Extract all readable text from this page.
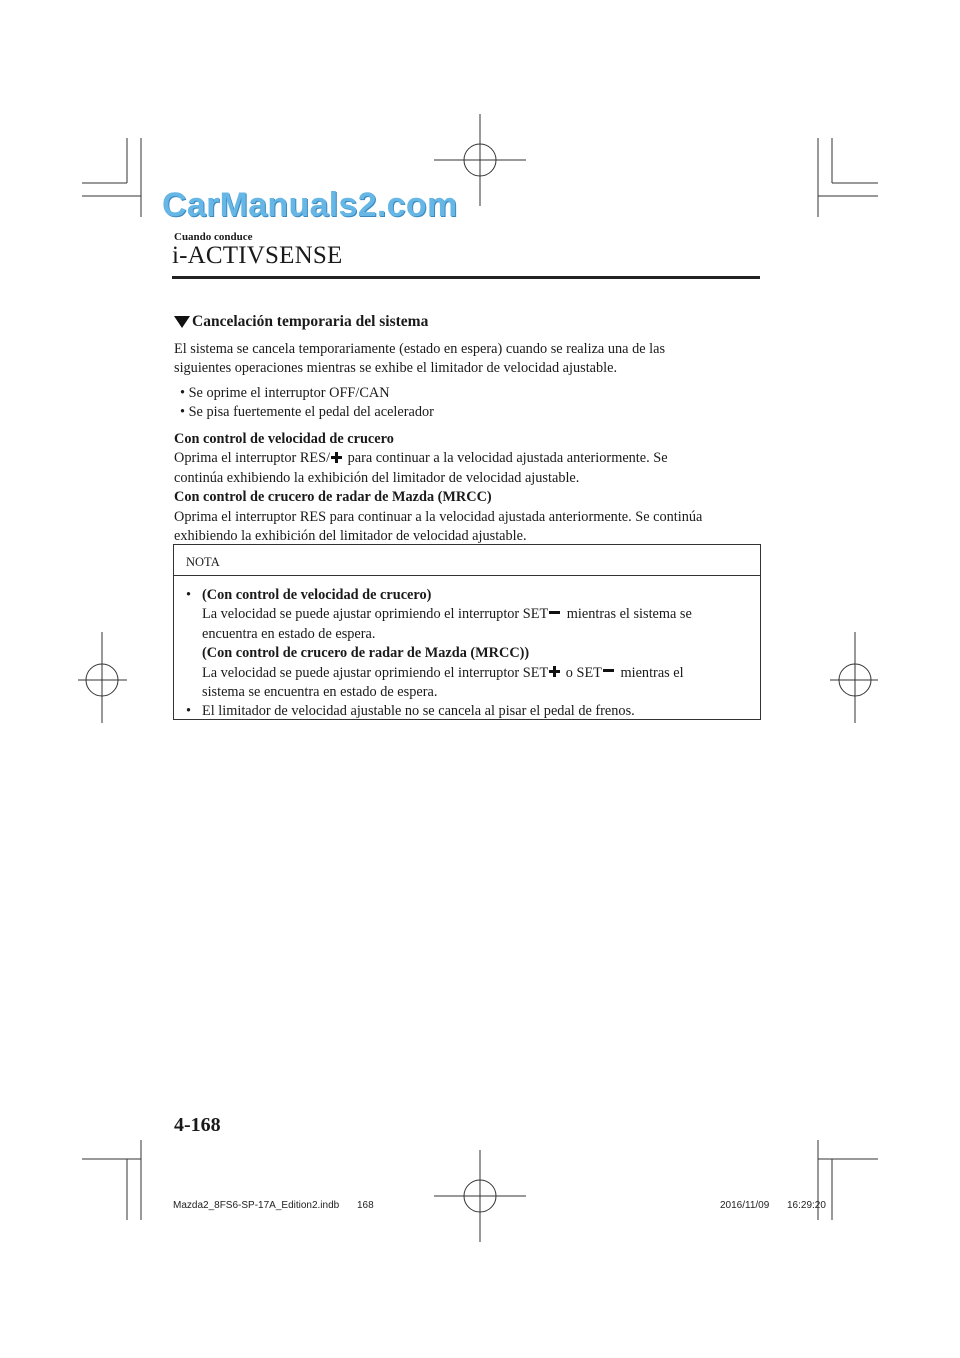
CarManuals2.com
Cuando conduce
i-ACTIVSENSE
Cancelación temporaria del sistema
El sistema se cancela temporariamente (estado en espera) cuando se realiza una de las
siguientes operaciones mientras se exhibe el limitador de velocidad ajustable.
• Se oprime el interruptor OFF/CAN
• Se pisa fuertemente el pedal del acelerador
Con control de velocidad de crucero
Oprima el interruptor RES/ para continuar a la velocidad ajustada anteriormente. Se
continúa exhibiendo la exhibición del limitador de velocidad ajustable.
Con control de crucero de radar de Mazda (MRCC)
Oprima el interruptor RES para continuar a la velocidad ajustada anteriormente. Se continúa
exhibiendo la exhibición del limitador de velocidad ajustable.
NOTA
• (Con control de velocidad de crucero)
La velocidad se puede ajustar oprimiendo el interruptor SET mientras el sistema se
encuentra en estado de espera.
(Con control de crucero de radar de Mazda (MRCC))
La velocidad se puede ajustar oprimiendo el interruptor SET o SET mientras el
sistema se encuentra en estado de espera.
• El limitador de velocidad ajustable no se cancela al pisar el pedal de frenos.
4-168
Mazda2_8FS6-SP-17A_Edition2.indb 168	2016/11/09 16:29:20
